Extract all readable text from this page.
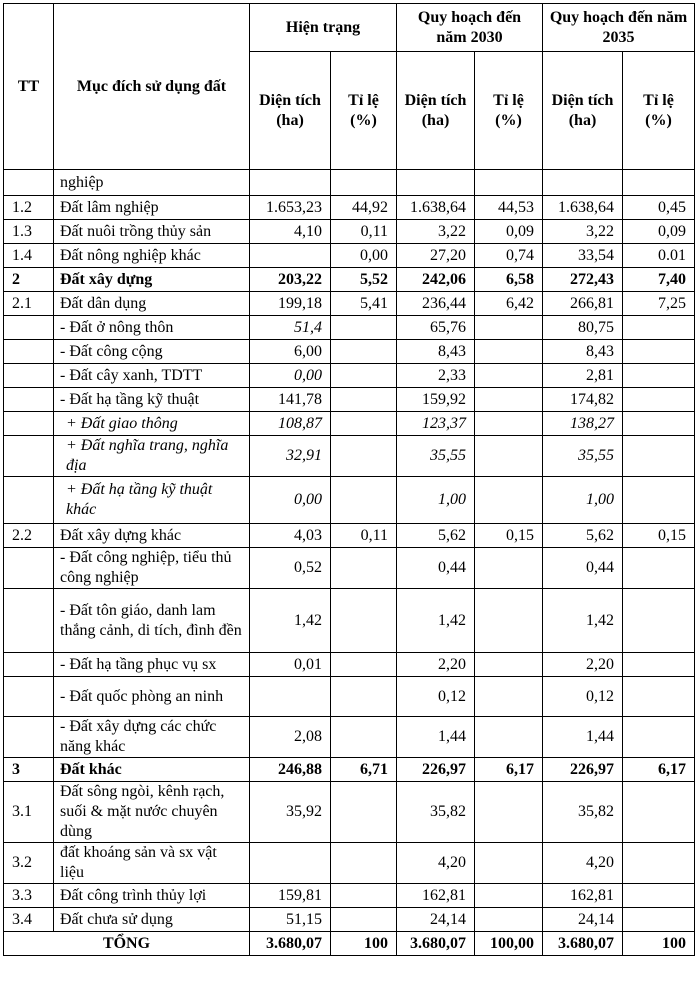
TT	Mục đích sử dụng đất	Hiện trạng		Quy hoạch đến năm 2030		Quy hoạch đến năm 2035	
		Diện tích (ha)	Tỉ lệ (%)	Diện tích (ha)	Tỉ lệ (%)	Diện tích (ha)	Tỉ lệ (%)
	nghiệp						
1.2	Đất lâm nghiệp	1.653,23	44,92	1.638,64	44,53	1.638,64	0,45
1.3	Đất nuôi trồng thủy sản	4,10	0,11	3,22	0,09	3,22	0,09
1.4	Đất nông nghiệp khác		0,00	27,20	0,74	33,54	0.01
2	Đất xây dựng	203,22	5,52	242,06	6,58	272,43	7,40
2.1	Đất dân dụng	199,18	5,41	236,44	6,42	266,81	7,25
	- Đất ở nông thôn	51,4		65,76		80,75	
	- Đất công cộng	6,00		8,43		8,43	
	- Đất cây xanh, TDTT	0,00		2,33		2,81	
	- Đất hạ tầng kỹ thuật	141,78		159,92		174,82	
	+ Đất giao thông	108,87		123,37		138,27	
	+ Đất nghĩa trang, nghĩa địa	32,91		35,55		35,55	
	+ Đất hạ tầng kỹ thuật khác	0,00		1,00		1,00	
2.2	Đất xây dựng khác	4,03	0,11	5,62	0,15	5,62	0,15
	- Đất công nghiệp, tiểu thủ công nghiệp	0,52		0,44		0,44	
	- Đất tôn giáo, danh lam thắng cảnh, di tích, đình đền	1,42		1,42		1,42	
	- Đất hạ tầng phục vụ sx	0,01		2,20		2,20	
	- Đất quốc phòng an ninh			0,12		0,12	
	- Đất xây dựng các chức năng khác	2,08		1,44		1,44	
3	Đất khác	246,88	6,71	226,97	6,17	226,97	6,17
3.1	Đất sông ngòi, kênh rạch, suối & mặt nước chuyên dùng	35,92		35,82		35,82	
3.2	đất khoáng sản và sx vật liệu			4,20		4,20	
3.3	Đất công trình thủy lợi	159,81		162,81		162,81	
3.4	Đất chưa sử dụng	51,15		24,14		24,14	
TỔNG		3.680,07	100	3.680,07	100,00	3.680,07	100
